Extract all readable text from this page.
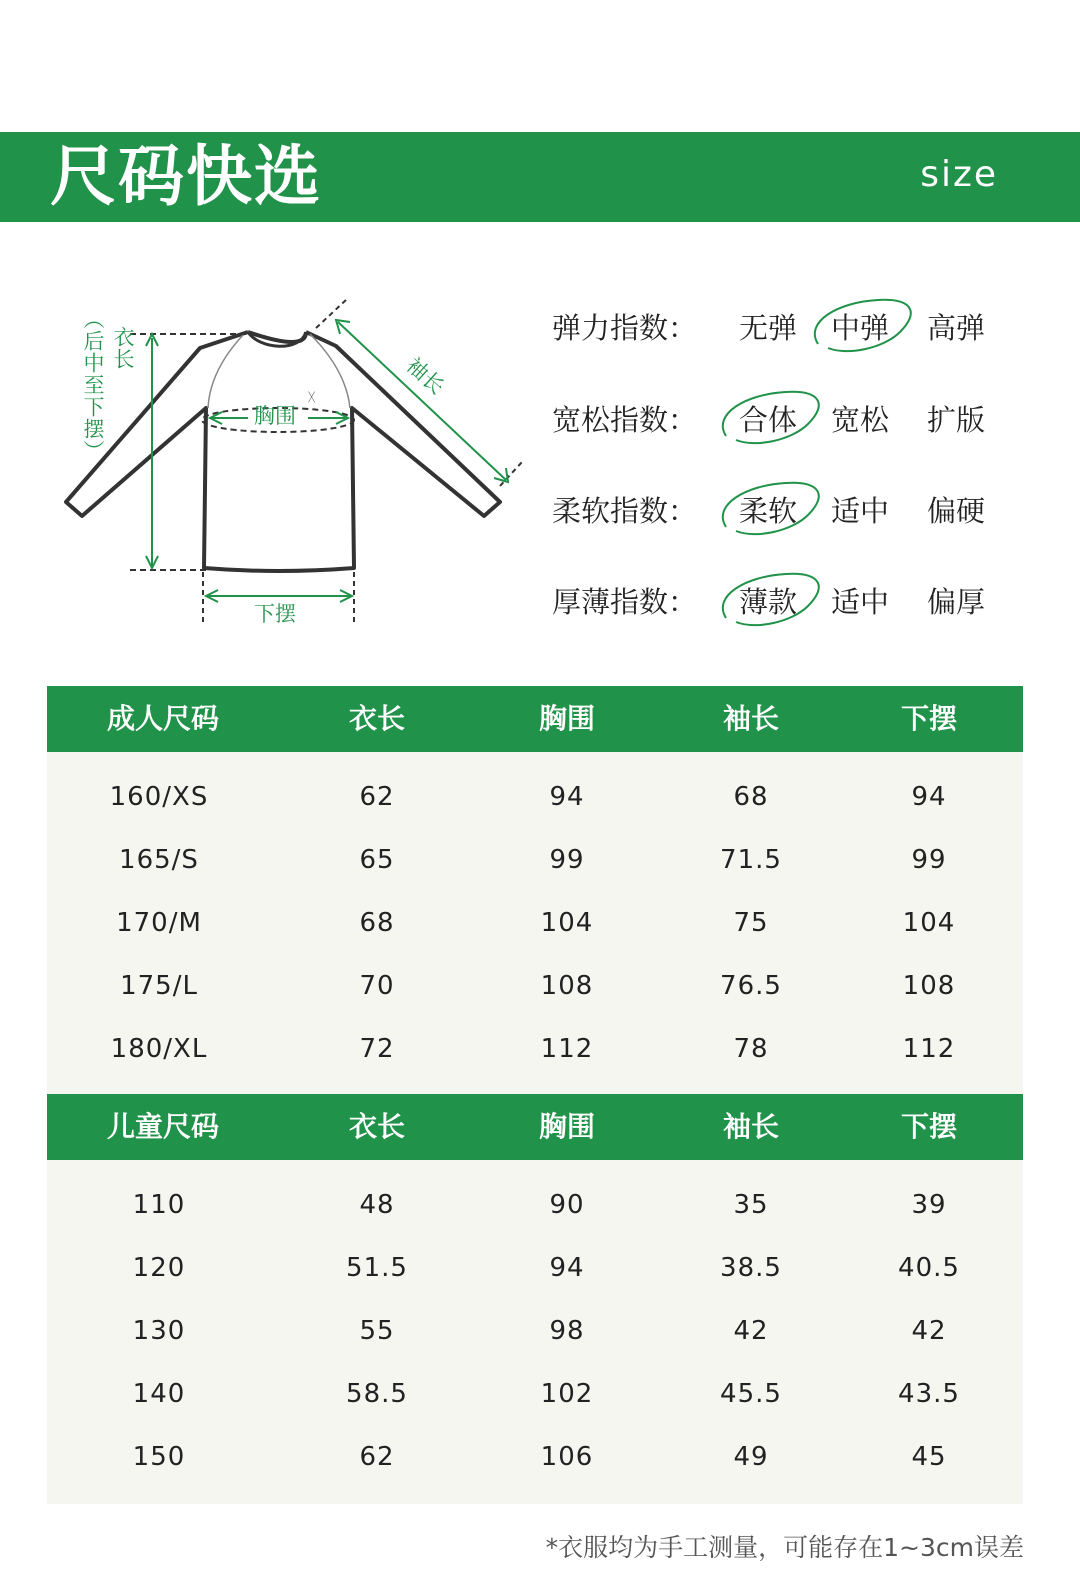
尺码快选	size
衣长
（后中至下摆）	袖长
胸围
下摆
ᚷ
弹力指数： 无弹 中弹 高弹
宽松指数： 合体 宽松 扩版
柔软指数： 柔软 适中 偏硬
厚薄指数： 薄款 适中 偏厚
成人尺码	衣长	胸围	袖长	下摆
160/XS	62	94	68	94
165/S	65	99	71.5	99
170/M	68	104	75	104
175/L	70	108	76.5	108
180/XL	72	112	78	112
儿童尺码	衣长	胸围	袖长	下摆
110	48	90	35	39
120	51.5	94	38.5	40.5
130	55	98	42	42
140	58.5	102	45.5	43.5
150	62	106	49	45
*衣服均为手工测量，可能存在1~3cm误差
